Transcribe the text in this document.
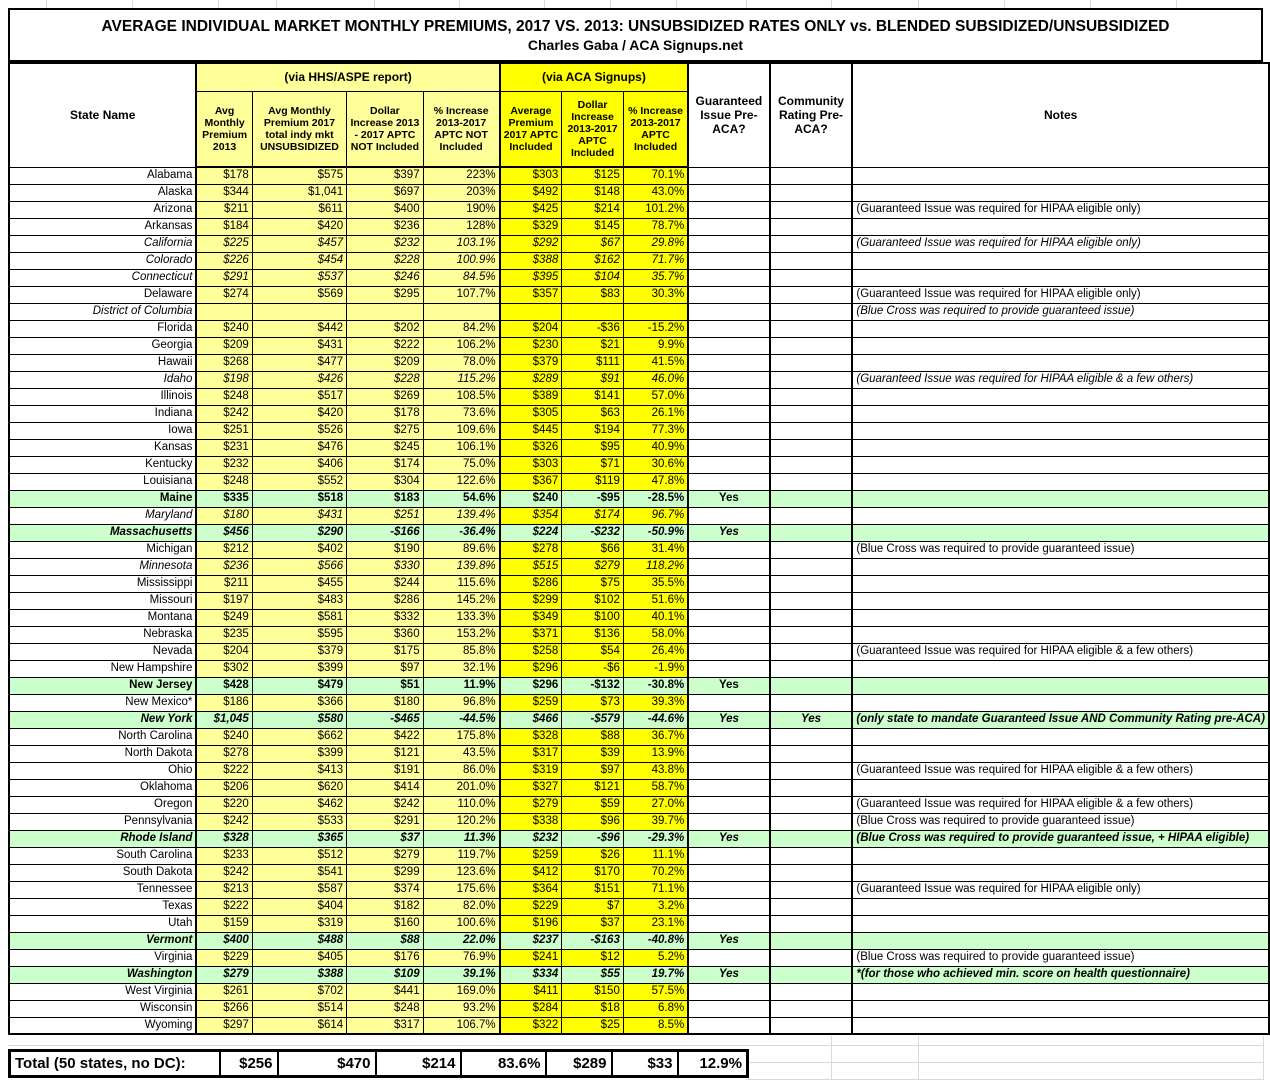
AVERAGE INDIVIDUAL MARKET MONTHLY PREMIUMS, 2017 VS. 2013: UNSUBSIDIZED RATES ONLY vs. BLENDED SUBSIDIZED/UNSUBSIDIZED
Charles Gaba / ACA Signups.net
State Name	(via HHS/ASPE report)				(via ACA Signups)			Guaranteed Issue Pre-ACA?	Community Rating Pre-ACA?	Notes
	Avg Monthly Premium 2013	Avg Monthly Premium 2017 total indy mkt UNSUBSIDIZED	Dollar Increase 2013 - 2017 APTC NOT Included	% Increase 2013-2017 APTC NOT Included	Average Premium 2017 APTC Included	Dollar Increase 2013-2017 APTC Included	% Increase 2013-2017 APTC Included			
Alabama	$178	$575	$397	223%	$303	$125	70.1%			
Alaska	$344	$1,041	$697	203%	$492	$148	43.0%			
Arizona	$211	$611	$400	190%	$425	$214	101.2%			(Guaranteed Issue was required for HIPAA eligible only)
Arkansas	$184	$420	$236	128%	$329	$145	78.7%			
California	$225	$457	$232	103.1%	$292	$67	29.8%			(Guaranteed Issue was required for HIPAA eligible only)
Colorado	$226	$454	$228	100.9%	$388	$162	71.7%			
Connecticut	$291	$537	$246	84.5%	$395	$104	35.7%			
Delaware	$274	$569	$295	107.7%	$357	$83	30.3%			(Guaranteed Issue was required for HIPAA eligible only)
District of Columbia										(Blue Cross was required to provide guaranteed issue)
Florida	$240	$442	$202	84.2%	$204	-$36	-15.2%			
Georgia	$209	$431	$222	106.2%	$230	$21	9.9%			
Hawaii	$268	$477	$209	78.0%	$379	$111	41.5%			
Idaho	$198	$426	$228	115.2%	$289	$91	46.0%			(Guaranteed Issue was required for HIPAA eligible & a few others)
Illinois	$248	$517	$269	108.5%	$389	$141	57.0%			
Indiana	$242	$420	$178	73.6%	$305	$63	26.1%			
Iowa	$251	$526	$275	109.6%	$445	$194	77.3%			
Kansas	$231	$476	$245	106.1%	$326	$95	40.9%			
Kentucky	$232	$406	$174	75.0%	$303	$71	30.6%			
Louisiana	$248	$552	$304	122.6%	$367	$119	47.8%			
Maine	$335	$518	$183	54.6%	$240	-$95	-28.5%	Yes		
Maryland	$180	$431	$251	139.4%	$354	$174	96.7%			
Massachusetts	$456	$290	-$166	-36.4%	$224	-$232	-50.9%	Yes		
Michigan	$212	$402	$190	89.6%	$278	$66	31.4%			(Blue Cross was required to provide guaranteed issue)
Minnesota	$236	$566	$330	139.8%	$515	$279	118.2%			
Mississippi	$211	$455	$244	115.6%	$286	$75	35.5%			
Missouri	$197	$483	$286	145.2%	$299	$102	51.6%			
Montana	$249	$581	$332	133.3%	$349	$100	40.1%			
Nebraska	$235	$595	$360	153.2%	$371	$136	58.0%			
Nevada	$204	$379	$175	85.8%	$258	$54	26.4%			(Guaranteed Issue was required for HIPAA eligible & a few others)
New Hampshire	$302	$399	$97	32.1%	$296	-$6	-1.9%			
New Jersey	$428	$479	$51	11.9%	$296	-$132	-30.8%	Yes		
New Mexico*	$186	$366	$180	96.8%	$259	$73	39.3%			
New York	$1,045	$580	-$465	-44.5%	$466	-$579	-44.6%	Yes	Yes	(only state to mandate Guaranteed Issue AND Community Rating pre-ACA)
North Carolina	$240	$662	$422	175.8%	$328	$88	36.7%			
North Dakota	$278	$399	$121	43.5%	$317	$39	13.9%			
Ohio	$222	$413	$191	86.0%	$319	$97	43.8%			(Guaranteed Issue was required for HIPAA eligible & a few others)
Oklahoma	$206	$620	$414	201.0%	$327	$121	58.7%			
Oregon	$220	$462	$242	110.0%	$279	$59	27.0%			(Guaranteed Issue was required for HIPAA eligible & a few others)
Pennsylvania	$242	$533	$291	120.2%	$338	$96	39.7%			(Blue Cross was required to provide guaranteed issue)
Rhode Island	$328	$365	$37	11.3%	$232	-$96	-29.3%	Yes		(Blue Cross was required to provide guaranteed issue, + HIPAA eligible)
South Carolina	$233	$512	$279	119.7%	$259	$26	11.1%			
South Dakota	$242	$541	$299	123.6%	$412	$170	70.2%			
Tennessee	$213	$587	$374	175.6%	$364	$151	71.1%			(Guaranteed Issue was required for HIPAA eligible only)
Texas	$222	$404	$182	82.0%	$229	$7	3.2%			
Utah	$159	$319	$160	100.6%	$196	$37	23.1%			
Vermont	$400	$488	$88	22.0%	$237	-$163	-40.8%	Yes		
Virginia	$229	$405	$176	76.9%	$241	$12	5.2%			(Blue Cross was required to provide guaranteed issue)
Washington	$279	$388	$109	39.1%	$334	$55	19.7%	Yes		*(for those who achieved min. score on health questionnaire)
West Virginia	$261	$702	$441	169.0%	$411	$150	57.5%			
Wisconsin	$266	$514	$248	93.2%	$284	$18	6.8%			
Wyoming	$297	$614	$317	106.7%	$322	$25	8.5%			
Total (50 states, no DC):	$256	$470	$214	83.6%	$289	$33	12.9%
